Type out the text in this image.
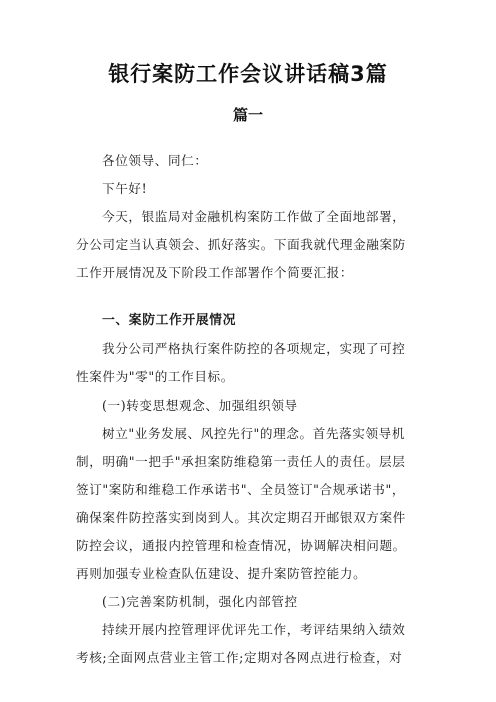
银行案防工作会议讲话稿3篇
篇一
各位领导、同仁：
下午好!
今天，银监局对金融机构案防工作做了全面地部署，
分公司定当认真领会、抓好落实。下面我就代理金融案防
工作开展情况及下阶段工作部署作个简要汇报：
一、案防工作开展情况
我分公司严格执行案件防控的各项规定，实现了可控
性案件为"零"的工作目标。
(一)转变思想观念、加强组织领导
树立"业务发展、风控先行"的理念。首先落实领导机
制，明确"一把手"承担案防维稳第一责任人的责任。层层
签订"案防和维稳工作承诺书"、全员签订"合规承诺书"，
确保案件防控落实到岗到人。其次定期召开邮银双方案件
防控会议，通报内控管理和检查情况，协调解决相问题。
再则加强专业检查队伍建设、提升案防管控能力。
(二)完善案防机制，强化内部管控
持续开展内控管理评优评先工作，考评结果纳入绩效
考核;全面网点营业主管工作;定期对各网点进行检查，对
